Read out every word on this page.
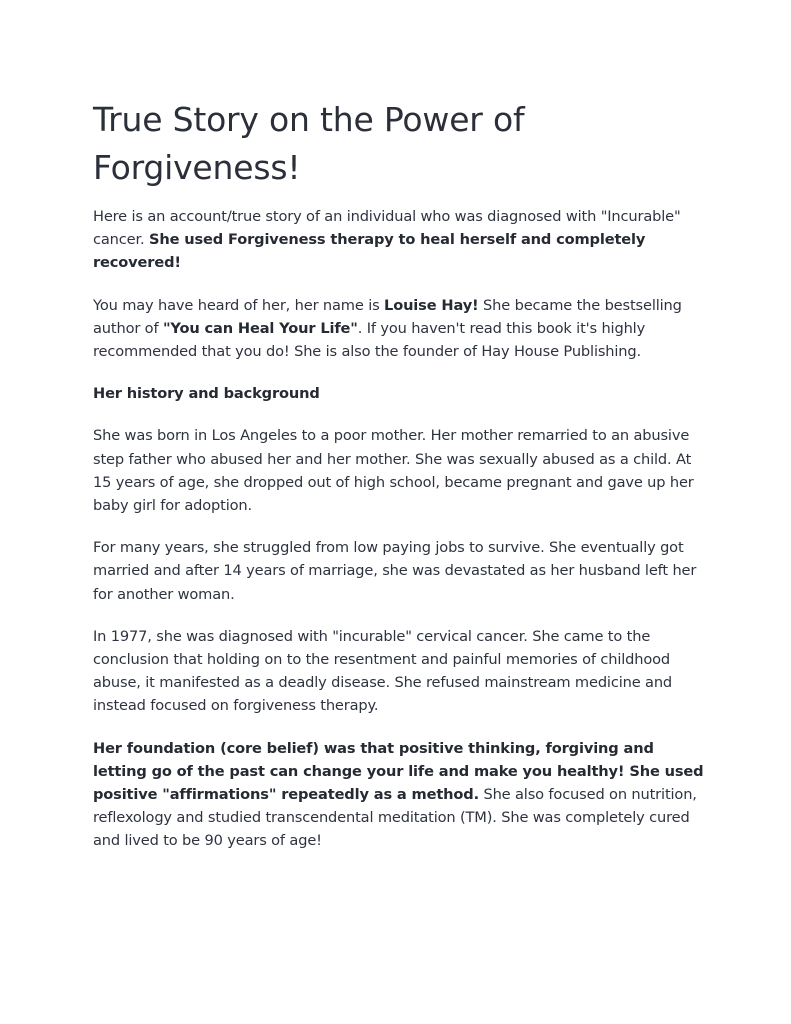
True Story on the Power of Forgiveness!

Here is an account/true story of an individual who was diagnosed with "Incurable" cancer. She used Forgiveness therapy to heal herself and completely recovered!

You may have heard of her, her name is Louise Hay! She became the bestselling author of "You can Heal Your Life". If you haven't read this book it's highly recommended that you do! She is also the founder of Hay House Publishing.

Her history and background

She was born in Los Angeles to a poor mother. Her mother remarried to an abusive step father who abused her and her mother. She was sexually abused as a child. At 15 years of age, she dropped out of high school, became pregnant and gave up her baby girl for adoption.

For many years, she struggled from low paying jobs to survive. She eventually got married and after 14 years of marriage, she was devastated as her husband left her for another woman.

In 1977, she was diagnosed with "incurable" cervical cancer. She came to the conclusion that holding on to the resentment and painful memories of childhood abuse, it manifested as a deadly disease. She refused mainstream medicine and instead focused on forgiveness therapy.

Her foundation (core belief) was that positive thinking, forgiving and letting go of the past can change your life and make you healthy! She used positive "affirmations" repeatedly as a method. She also focused on nutrition, reflexology and studied transcendental meditation (TM). She was completely cured and lived to be 90 years of age!
